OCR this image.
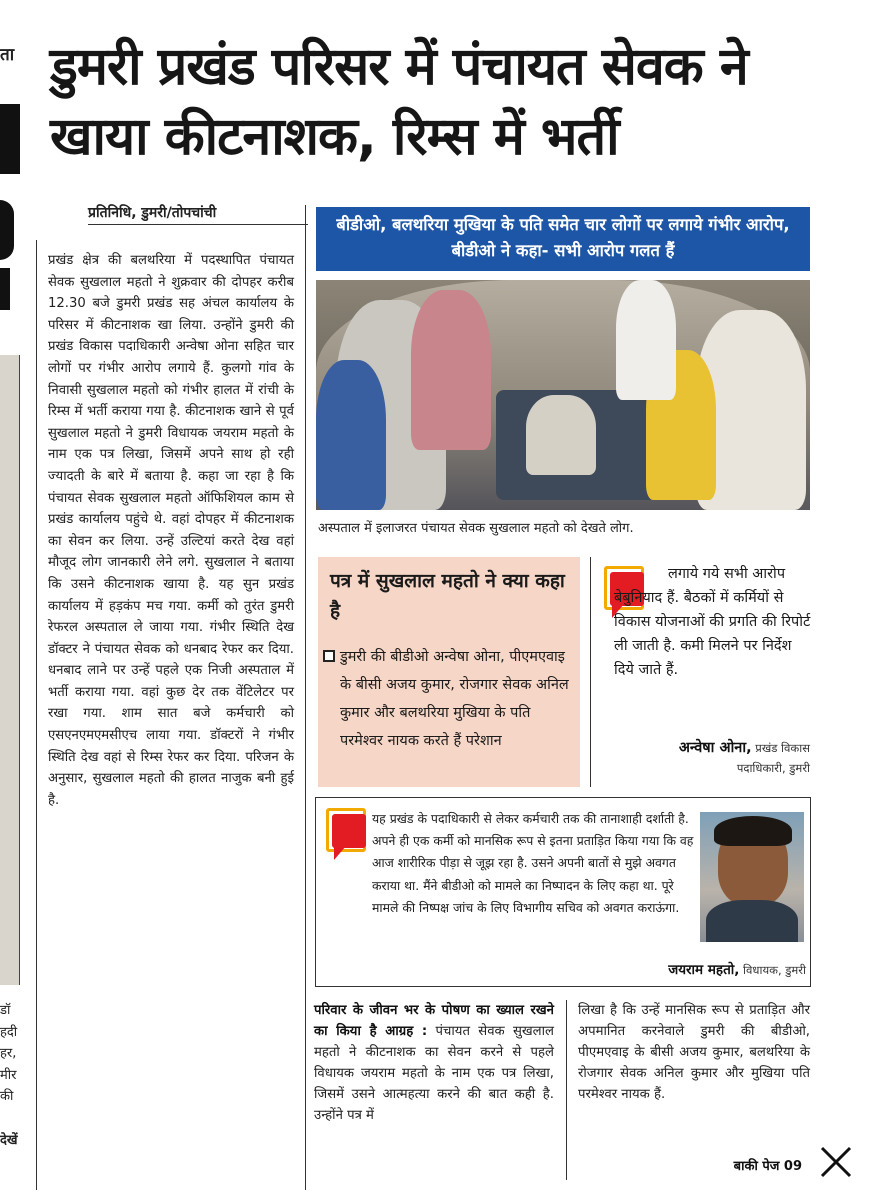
ता
डॉ
हदी
हर,
मीर
की
देखें
डुमरी प्रखंड परिसर में पंचायत सेवक ने खाया कीटनाशक, रिम्स में भर्ती
प्रतिनिधि, डुमरी/तोपचांची
प्रखंड क्षेत्र की बलथरिया में पदस्थापित पंचायत सेवक सुखलाल महतो ने शुक्रवार की दोपहर करीब 12.30 बजे डुमरी प्रखंड सह अंचल कार्यालय के परिसर में कीटनाशक खा लिया. उन्होंने डुमरी की प्रखंड विकास पदाधिकारी अन्वेषा ओना सहित चार लोगों पर गंभीर आरोप लगाये हैं. कुलगो गांव के निवासी सुखलाल महतो को गंभीर हालत में रांची के रिम्स में भर्ती कराया गया है. कीटनाशक खाने से पूर्व सुखलाल महतो ने डुमरी विधायक जयराम महतो के नाम एक पत्र लिखा, जिसमें अपने साथ हो रही ज्यादती के बारे में बताया है. कहा जा रहा है कि पंचायत सेवक सुखलाल महतो ऑफिशियल काम से प्रखंड कार्यालय पहुंचे थे. वहां दोपहर में कीटनाशक का सेवन कर लिया. उन्हें उल्टियां करते देख वहां मौजूद लोग जानकारी लेने लगे. सुखलाल ने बताया कि उसने कीटनाशक खाया है. यह सुन प्रखंड कार्यालय में हड़कंप मच गया. कर्मी को तुरंत डुमरी रेफरल अस्पताल ले जाया गया. गंभीर स्थिति देख डॉक्टर ने पंचायत सेवक को धनबाद रेफर कर दिया. धनबाद लाने पर उन्हें पहले एक निजी अस्पताल में भर्ती कराया गया. वहां कुछ देर तक वेंटिलेटर पर रखा गया. शाम सात बजे कर्मचारी को एसएनएमएमसीएच लाया गया. डॉक्टरों ने गंभीर स्थिति देख वहां से रिम्स रेफर कर दिया. परिजन के अनुसार, सुखलाल महतो की हालत नाजुक बनी हुई है.
बीडीओ, बलथरिया मुखिया के पति समेत चार लोगों पर लगाये गंभीर आरोप, बीडीओ ने कहा- सभी आरोप गलत हैं
अस्पताल में इलाजरत पंचायत सेवक सुखलाल महतो को देखते लोग.
पत्र में सुखलाल महतो ने क्या कहा है
डुमरी की बीडीओ अन्वेषा ओना, पीएमएवाइ के बीसी अजय कुमार, रोजगार सेवक अनिल कुमार और बलथरिया मुखिया के पति परमेश्वर नायक करते हैं परेशान
लगाये गये सभी आरोप बेबुनियाद हैं. बैठकों में कर्मियों से विकास योजनाओं की प्रगति की रिपोर्ट ली जाती है. कमी मिलने पर निर्देश दिये जाते हैं.
अन्वेषा ओना, प्रखंड विकास
पदाधिकारी, डुमरी
यह प्रखंड के पदाधिकारी से लेकर कर्मचारी तक की तानाशाही दर्शाती है. अपने ही एक कर्मी को मानसिक रूप से इतना प्रताड़ित किया गया कि वह आज शारीरिक पीड़ा से जूझ रहा है. उसने अपनी बातों से मुझे अवगत कराया था. मैंने बीडीओ को मामले का निष्पादन के लिए कहा था. पूरे मामले की निष्पक्ष जांच के लिए विभागीय सचिव को अवगत कराऊंगा.
जयराम महतो, विधायक, डुमरी
परिवार के जीवन भर के पोषण का ख्याल रखने का किया है आग्रह : पंचायत सेवक सुखलाल महतो ने कीटनाशक का सेवन करने से पहले विधायक जयराम महतो के नाम एक पत्र लिखा, जिसमें उसने आत्महत्या करने की बात कही है. उन्होंने पत्र में
लिखा है कि उन्हें मानसिक रूप से प्रताड़ित और अपमानित करनेवाले डुमरी की बीडीओ, पीएमएवाइ के बीसी अजय कुमार, बलथरिया के रोजगार सेवक अनिल कुमार और मुखिया पति परमेश्वर नायक हैं.
बाकी पेज 09
